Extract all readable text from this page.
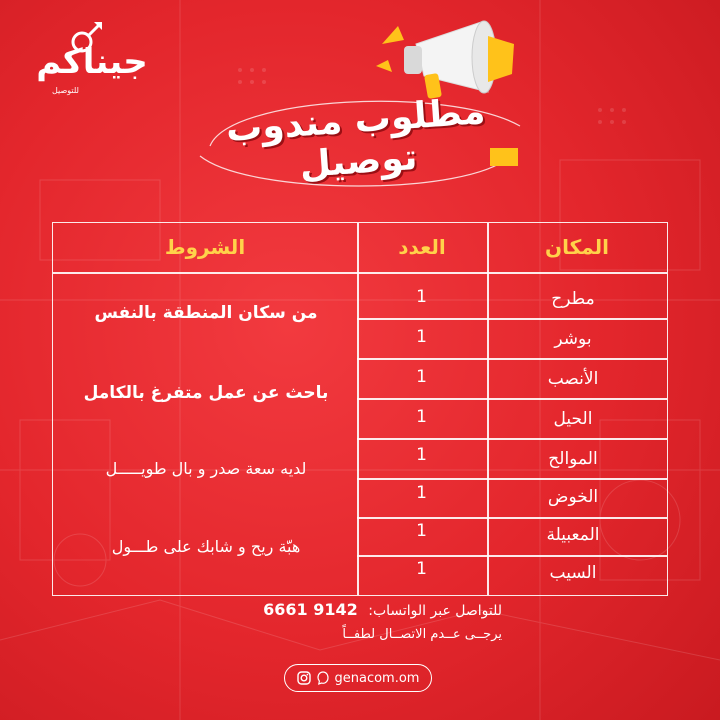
جيناكم
للتوصيل
مطلوب مندوب توصيل
المكان
العدد
الشروط
مطرح
بوشر
الأنصب
الحيل
الموالح
الخوض
المعبيلة
السيب
1
1
1
1
1
1
1
1
من سكان المنطقة بالنفس
باحث عن عمل متفرغ بالكامل
لديه سعة صدر و بال طويـــــل
هبّة ريح و شابك على طـــول
للتواصل عبر الواتساب: 9142 6661
يرجــى عــدم الاتصــال لطفــاً
genacom.om
